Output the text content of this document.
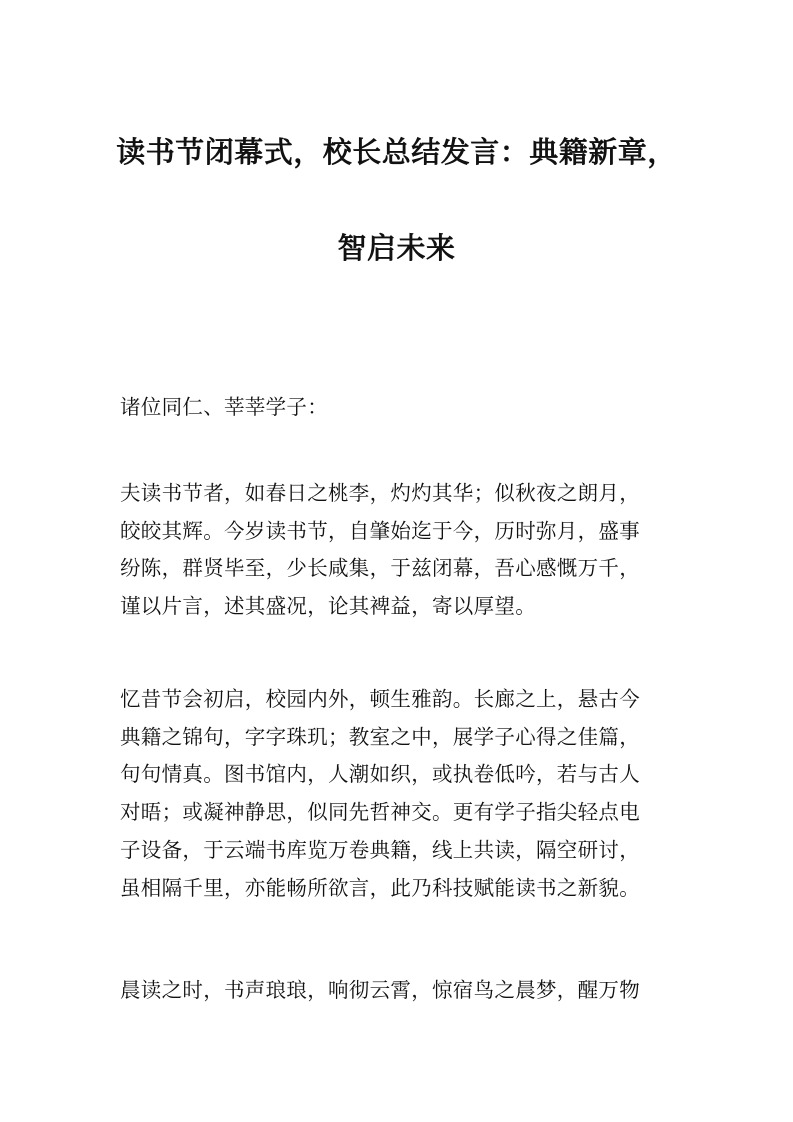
读书节闭幕式，校长总结发言：典籍新章，
智启未来

诸位同仁、莘莘学子：

夫读书节者，如春日之桃李，灼灼其华；似秋夜之朗月，
皎皎其辉。今岁读书节，自肇始迄于今，历时弥月，盛事
纷陈，群贤毕至，少长咸集，于兹闭幕，吾心感慨万千，
谨以片言，述其盛况，论其裨益，寄以厚望。

忆昔节会初启，校园内外，顿生雅韵。长廊之上，悬古今
典籍之锦句，字字珠玑；教室之中，展学子心得之佳篇，
句句情真。图书馆内，人潮如织，或执卷低吟，若与古人
对晤；或凝神静思，似同先哲神交。更有学子指尖轻点电
子设备，于云端书库览万卷典籍，线上共读，隔空研讨，
虽相隔千里，亦能畅所欲言，此乃科技赋能读书之新貌。

晨读之时，书声琅琅，响彻云霄，惊宿鸟之晨梦，醒万物
